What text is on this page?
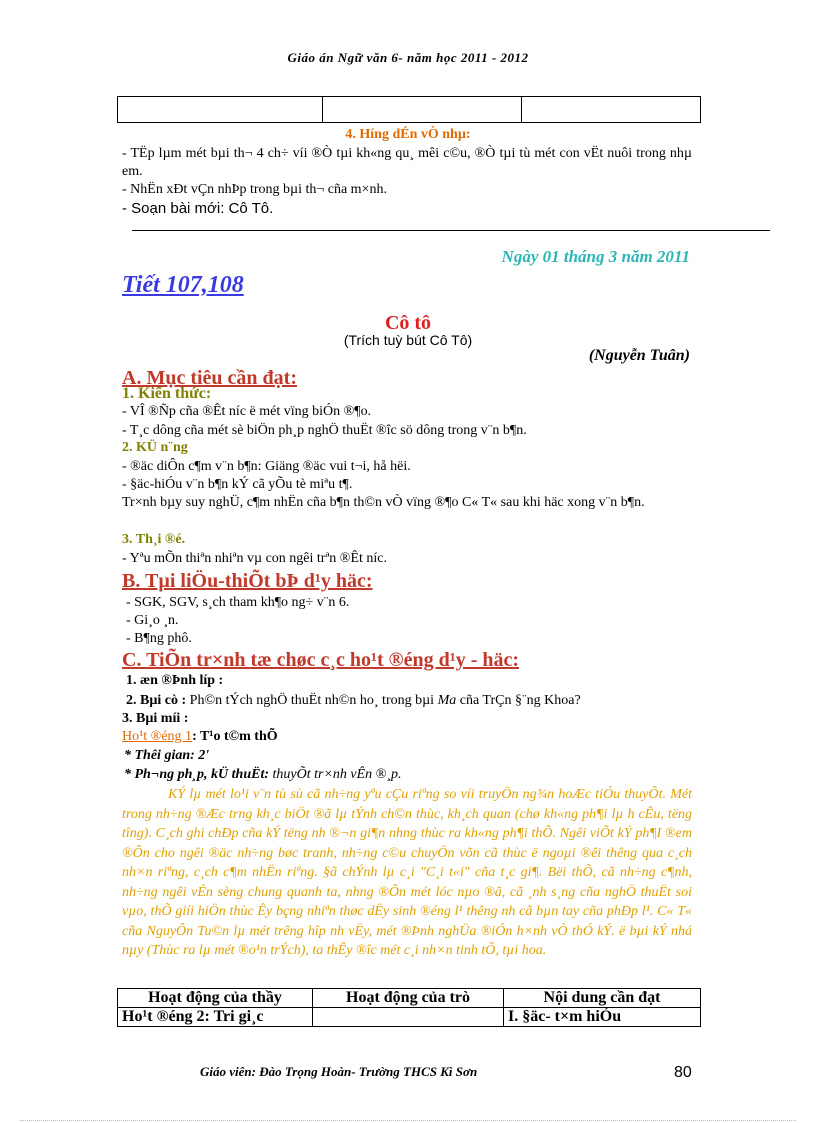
Giáo án Ngữ văn 6- năm học 2011 - 2012

4. Híng dÉn vÒ nhµ:
- TËp lµm mét bµi th¬ 4 ch÷ víi ®Ò tµi kh«ng qu¸ mêi c©u, ®Ò tµi tù mét con vËt nuôi trong nhµ em.
- NhËn xÐt vÇn nhÞp trong bµi th¬ cña m×nh.
- Soạn bài mới: Cô Tô.
Ngày 01 tháng 3 năm 2011
Tiết 107,108
Cô tô
(Trích tuỳ bút Cô Tô)
(Nguyễn Tuân)
A. Mục tiêu cần đạt:
1. Kiến thức:
- VÎ ®Ñp cña ®Êt níc ë mét vïng biÓn ®¶o.
- T¸c dông cña mét sè biÖn ph¸p nghÖ thuËt ®îc sö dông trong v¨n b¶n.
2. KÜ n¨ng
- ®äc diÔn c¶m v¨n b¶n: Giäng ®äc vui t¬i, hå hëi.
- §äc-hiÓu v¨n b¶n kÝ cã yÕu tè miªu t¶.
Tr×nh bµy suy nghÜ, c¶m nhËn cña b¶n th©n vÒ vïng ®¶o C« T« sau khi häc xong v¨n b¶n.
3. Th¸i ®é.
- Yªu mÕn thiªn nhiªn vµ con ngêi trªn ®Êt níc.
B. Tµi liÖu-thiÕt bÞ d¹y häc:
- SGK, SGV, s¸ch tham kh¶o ng÷ v¨n 6.
- Gi¸o ¸n.
- B¶ng phô.
C. TiÕn tr×nh tæ chøc c¸c ho¹t ®éng d¹y - häc:
1. æn ®Þnh líp :
2. Bµi cò : Ph©n tÝch nghÖ thuËt nh©n ho¸ trong bµi Ma cña TrÇn §¨ng Khoa?
3. Bµi míi :
Ho¹t ®éng 1: T¹o t©m thÕ
* Thêi gian: 2'
* Ph¬ng ph¸p, kÜ thuËt: thuyÕt tr×nh vÊn ®¸p.
KÝ lµ mét lo¹i v¨n tù sù cã nh÷ng yªu cÇu riªng so víi truyÖn ng¾n hoÆc tiÓu thuyÕt. Mét trong nh÷ng ®Æc trng kh¸c biÖt ®ã lµ tÝnh ch©n thùc, kh¸ch quan (chø kh«ng ph¶i lµ h cÊu, tëng tîng). C¸ch ghi chÐp cña kÝ tëng nh ®¬n gi¶n nhng thùc ra kh«ng ph¶i thÕ. Ngêi viÕt kÝ ph¶I ®em ®Õn cho ngêi ®äc nh÷ng bøc tranh, nh÷ng c©u chuyÖn võn cã thùc ë ngoµi ®êi thêng qua c¸ch nh×n riªng, c¸ch c¶m nhËn riªng. §ã chÝnh lµ c¸i "C¸i t«i" cña t¸c gi¶. Bëi thÕ, cã nh÷ng c¶nh, nh÷ng ngêi vÉn sèng chung quanh ta, nhng ®Õn mét lóc nµo ®ã, cã ¸nh s¸ng cña nghÖ thuËt soi vµo, thÕ giíi hiÖn thùc Êy bçng nhiªn thøc dËy sinh ®éng l¹ thêng nh cã bµn tay cña phÐp l¹. C« T« cña NguyÔn Tu©n lµ mét trêng hîp nh vËy, mét ®Þnh nghÜa ®iÓn h×nh vÒ thÓ kÝ. ë bµi kÝ nhá nµy (Thùc ra lµ mét ®o¹n trÝch), ta thÊy ®îc mét c¸i nh×n tinh tÕ, tµi hoa.
Hoạt động của thầy	Hoạt động của trò	Nội dung cần đạt
Ho¹t ®éng 2: Tri gi¸c		I. §äc- t×m hiÓu
Giáo viên: Đào Trọng Hoàn- Trường THCS Kì Sơn	80
